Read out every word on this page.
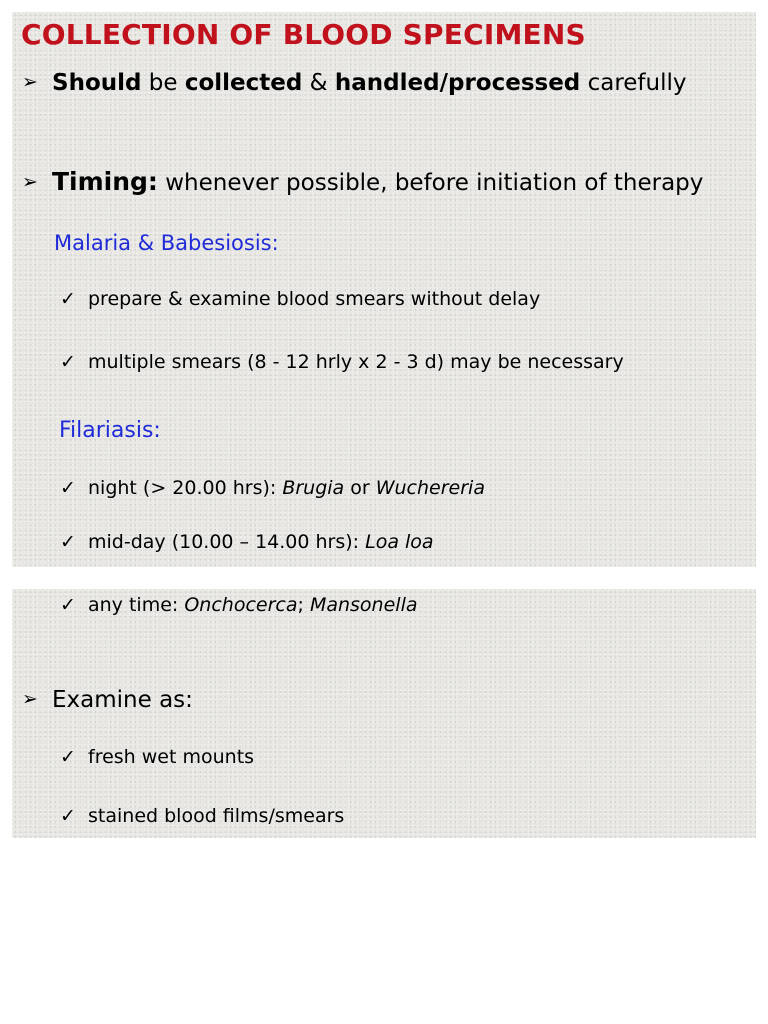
COLLECTION OF BLOOD SPECIMENS
➢ Should be collected & handled/processed carefully
➢ Timing: whenever possible, before initiation of therapy
Malaria & Babesiosis:
✓ prepare & examine blood smears without delay
✓ multiple smears (8 - 12 hrly x 2 - 3 d) may be necessary
Filariasis:
✓ night (> 20.00 hrs): Brugia or Wuchereria
✓ mid-day (10.00 – 14.00 hrs): Loa loa
✓ any time: Onchocerca; Mansonella
➢ Examine as:
✓ fresh wet mounts
✓ stained blood films/smears
